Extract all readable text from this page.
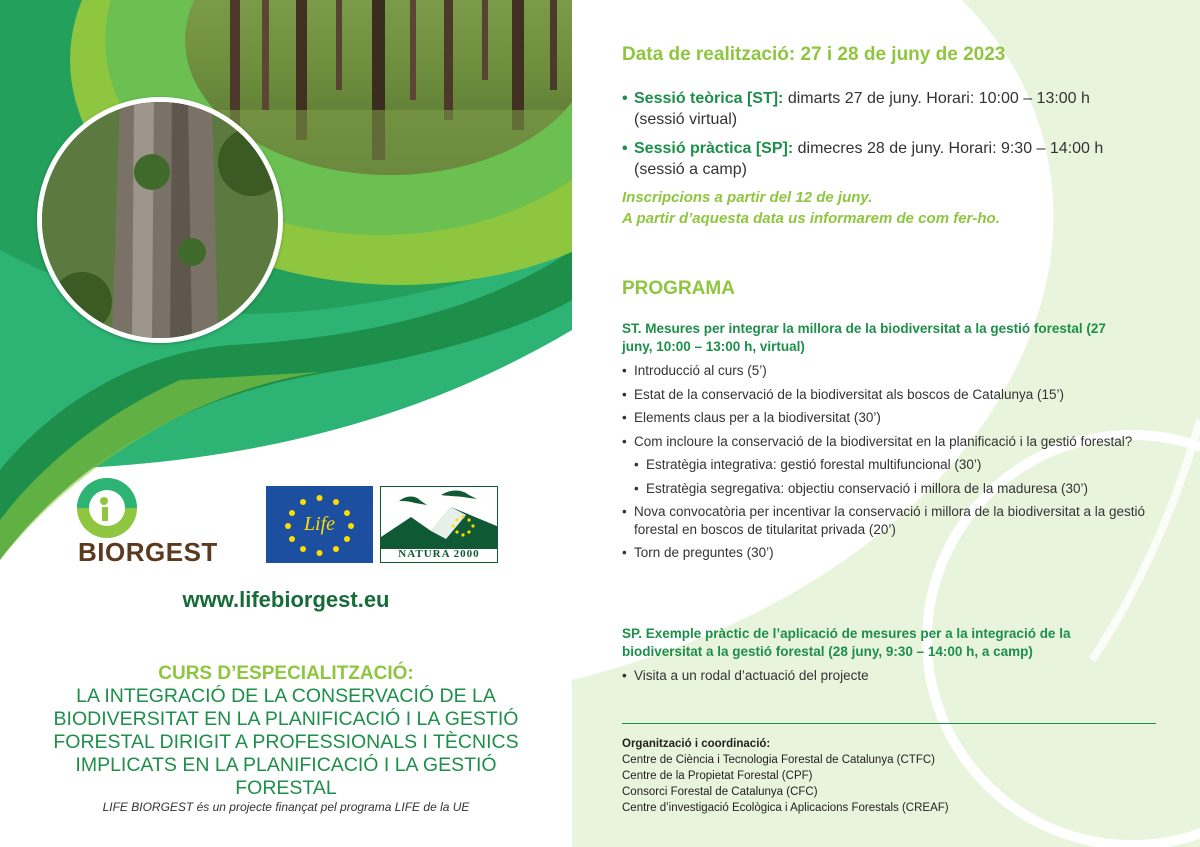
BIORGEST
Life
NATURA 2000
www.lifebiorgest.eu
CURS D’ESPECIALITZACIÓ:
LA INTEGRACIÓ DE LA CONSERVACIÓ DE LA
BIODIVERSITAT EN LA PLANIFICACIÓ I LA GESTIÓ
FORESTAL DIRIGIT A PROFESSIONALS I TÈCNICS
IMPLICATS EN LA PLANIFICACIÓ I LA GESTIÓ FORESTAL
LIFE BIORGEST és un projecte finançat pel programa LIFE de la UE
Data de realització: 27 i 28 de juny de 2023
• Sessió teòrica [ST]: dimarts 27 de juny. Horari: 10:00 – 13:00 h
(sessió virtual)
• Sessió pràctica [SP]: dimecres 28 de juny. Horari: 9:30 – 14:00 h
(sessió a camp)
Inscripcions a partir del 12 de juny.
A partir d’aquesta data us informarem de com fer-ho.
PROGRAMA
ST. Mesures per integrar la millora de la biodiversitat a la gestió forestal (27
juny, 10:00 – 13:00 h, virtual)
• Introducció al curs (5’)
• Estat de la conservació de la biodiversitat als boscos de Catalunya (15’)
• Elements claus per a la biodiversitat (30’)
• Com incloure la conservació de la biodiversitat en la planificació i la gestió forestal?
• Estratègia integrativa: gestió forestal multifuncional (30’)
• Estratègia segregativa: objectiu conservació i millora de la maduresa (30’)
• Nova convocatòria per incentivar la conservació i millora de la biodiversitat a la gestió forestal en boscos de titularitat privada (20’)
• Torn de preguntes (30’)
SP. Exemple pràctic de l’aplicació de mesures per a la integració de la
biodiversitat a la gestió forestal (28 juny, 9:30 – 14:00 h, a camp)
• Visita a un rodal d’actuació del projecte
Organització i coordinació:
Centre de Ciència i Tecnologia Forestal de Catalunya (CTFC)
Centre de la Propietat Forestal (CPF)
Consorci Forestal de Catalunya (CFC)
Centre d’investigació Ecològica i Aplicacions Forestals (CREAF)
